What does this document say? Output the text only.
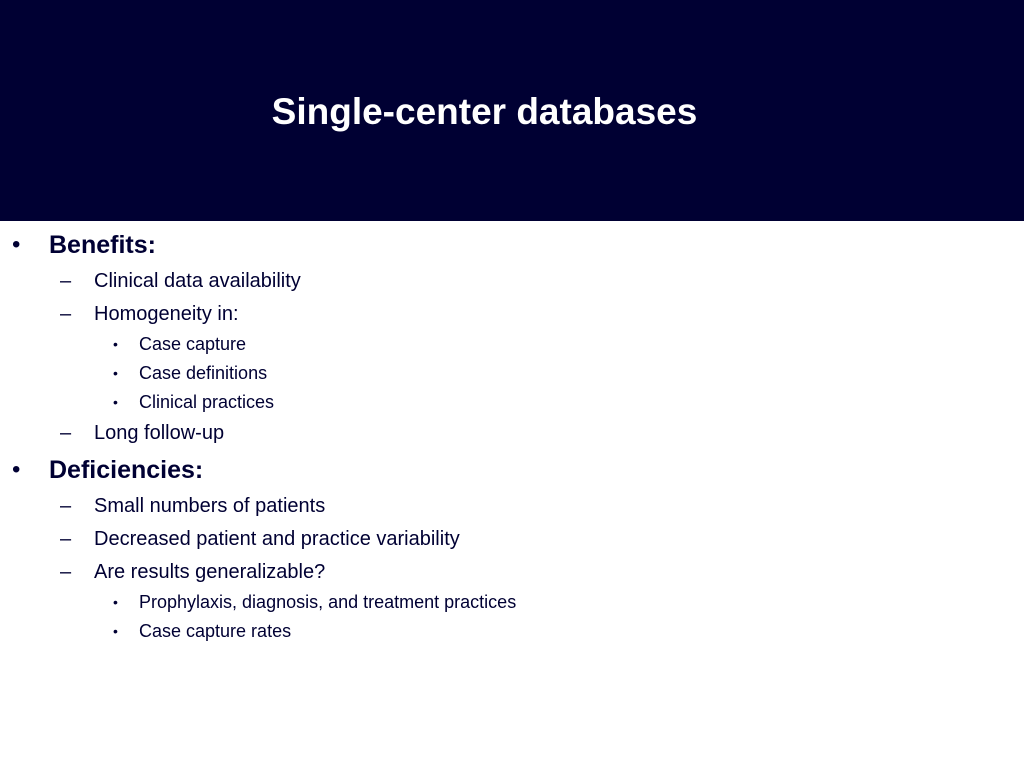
Single-center databases
• Benefits:
– Clinical data availability
– Homogeneity in:
• Case capture
• Case definitions
• Clinical practices
– Long follow-up
• Deficiencies:
– Small numbers of patients
– Decreased patient and practice variability
– Are results generalizable?
• Prophylaxis, diagnosis, and treatment practices
• Case capture rates
